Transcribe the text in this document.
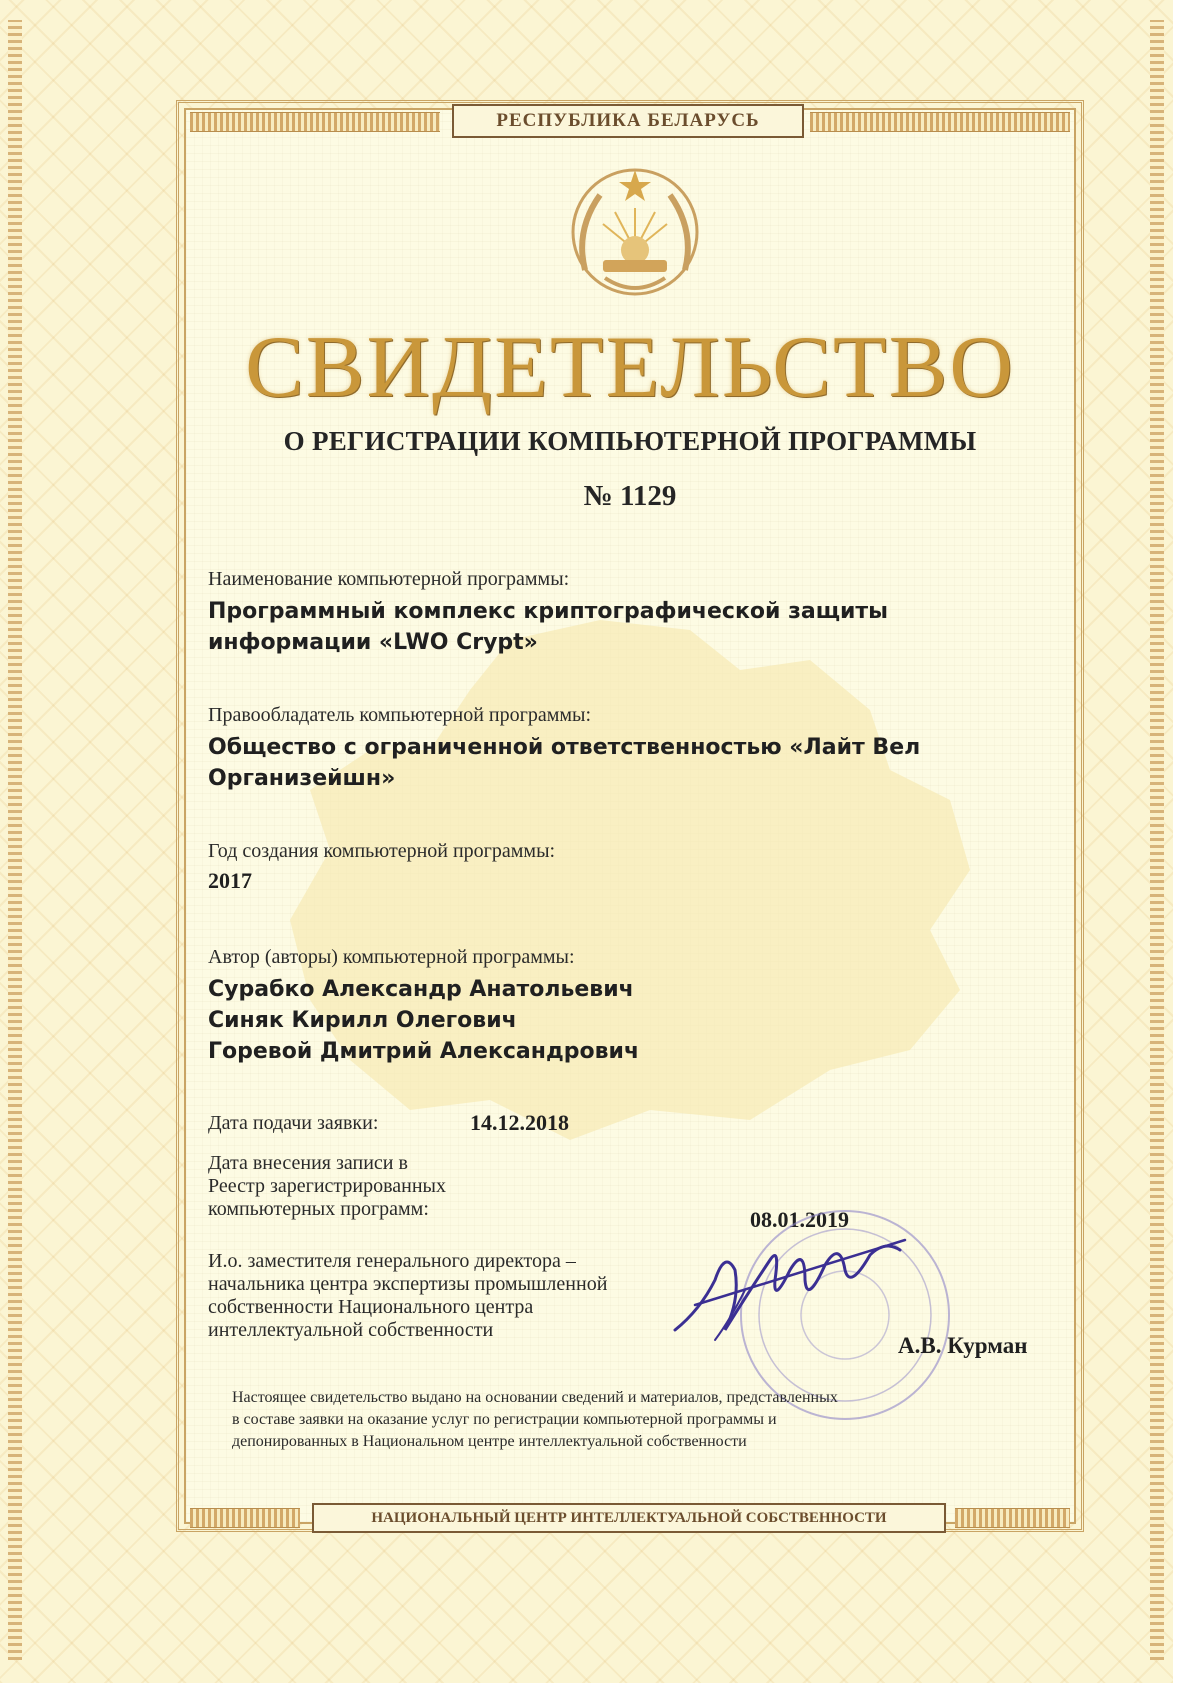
РЕСПУБЛИКА БЕЛАРУСЬ
НАЦИОНАЛЬНЫЙ ЦЕНТР ИНТЕЛЛЕКТУАЛЬНОЙ СОБСТВЕННОСТИ
СВИДЕТЕЛЬСТВО
О РЕГИСТРАЦИИ КОМПЬЮТЕРНОЙ ПРОГРАММЫ
№ 1129
Наименование компьютерной программы:
Программный комплекс криптографической защиты
информации «LWO Crypt»
Правообладатель компьютерной программы:
Общество с ограниченной ответственностью «Лайт Вел
Организейшн»
Год создания компьютерной программы:
2017
Автор (авторы) компьютерной программы:
Сурабко Александр Анатольевич
Синяк Кирилл Олегович
Горевой Дмитрий Александрович
Дата подачи заявки:	14.12.2018
Дата внесения записи в
Реестр зарегистрированных
компьютерных программ:	08.01.2019
И.о. заместителя генерального директора –
начальника центра экспертизы промышленной
собственности Национального центра
интеллектуальной собственности
А.В. Курман
Настоящее свидетельство выдано на основании сведений и материалов, представленных
в составе заявки на оказание услуг по регистрации компьютерной программы и
депонированных в Национальном центре интеллектуальной собственности
